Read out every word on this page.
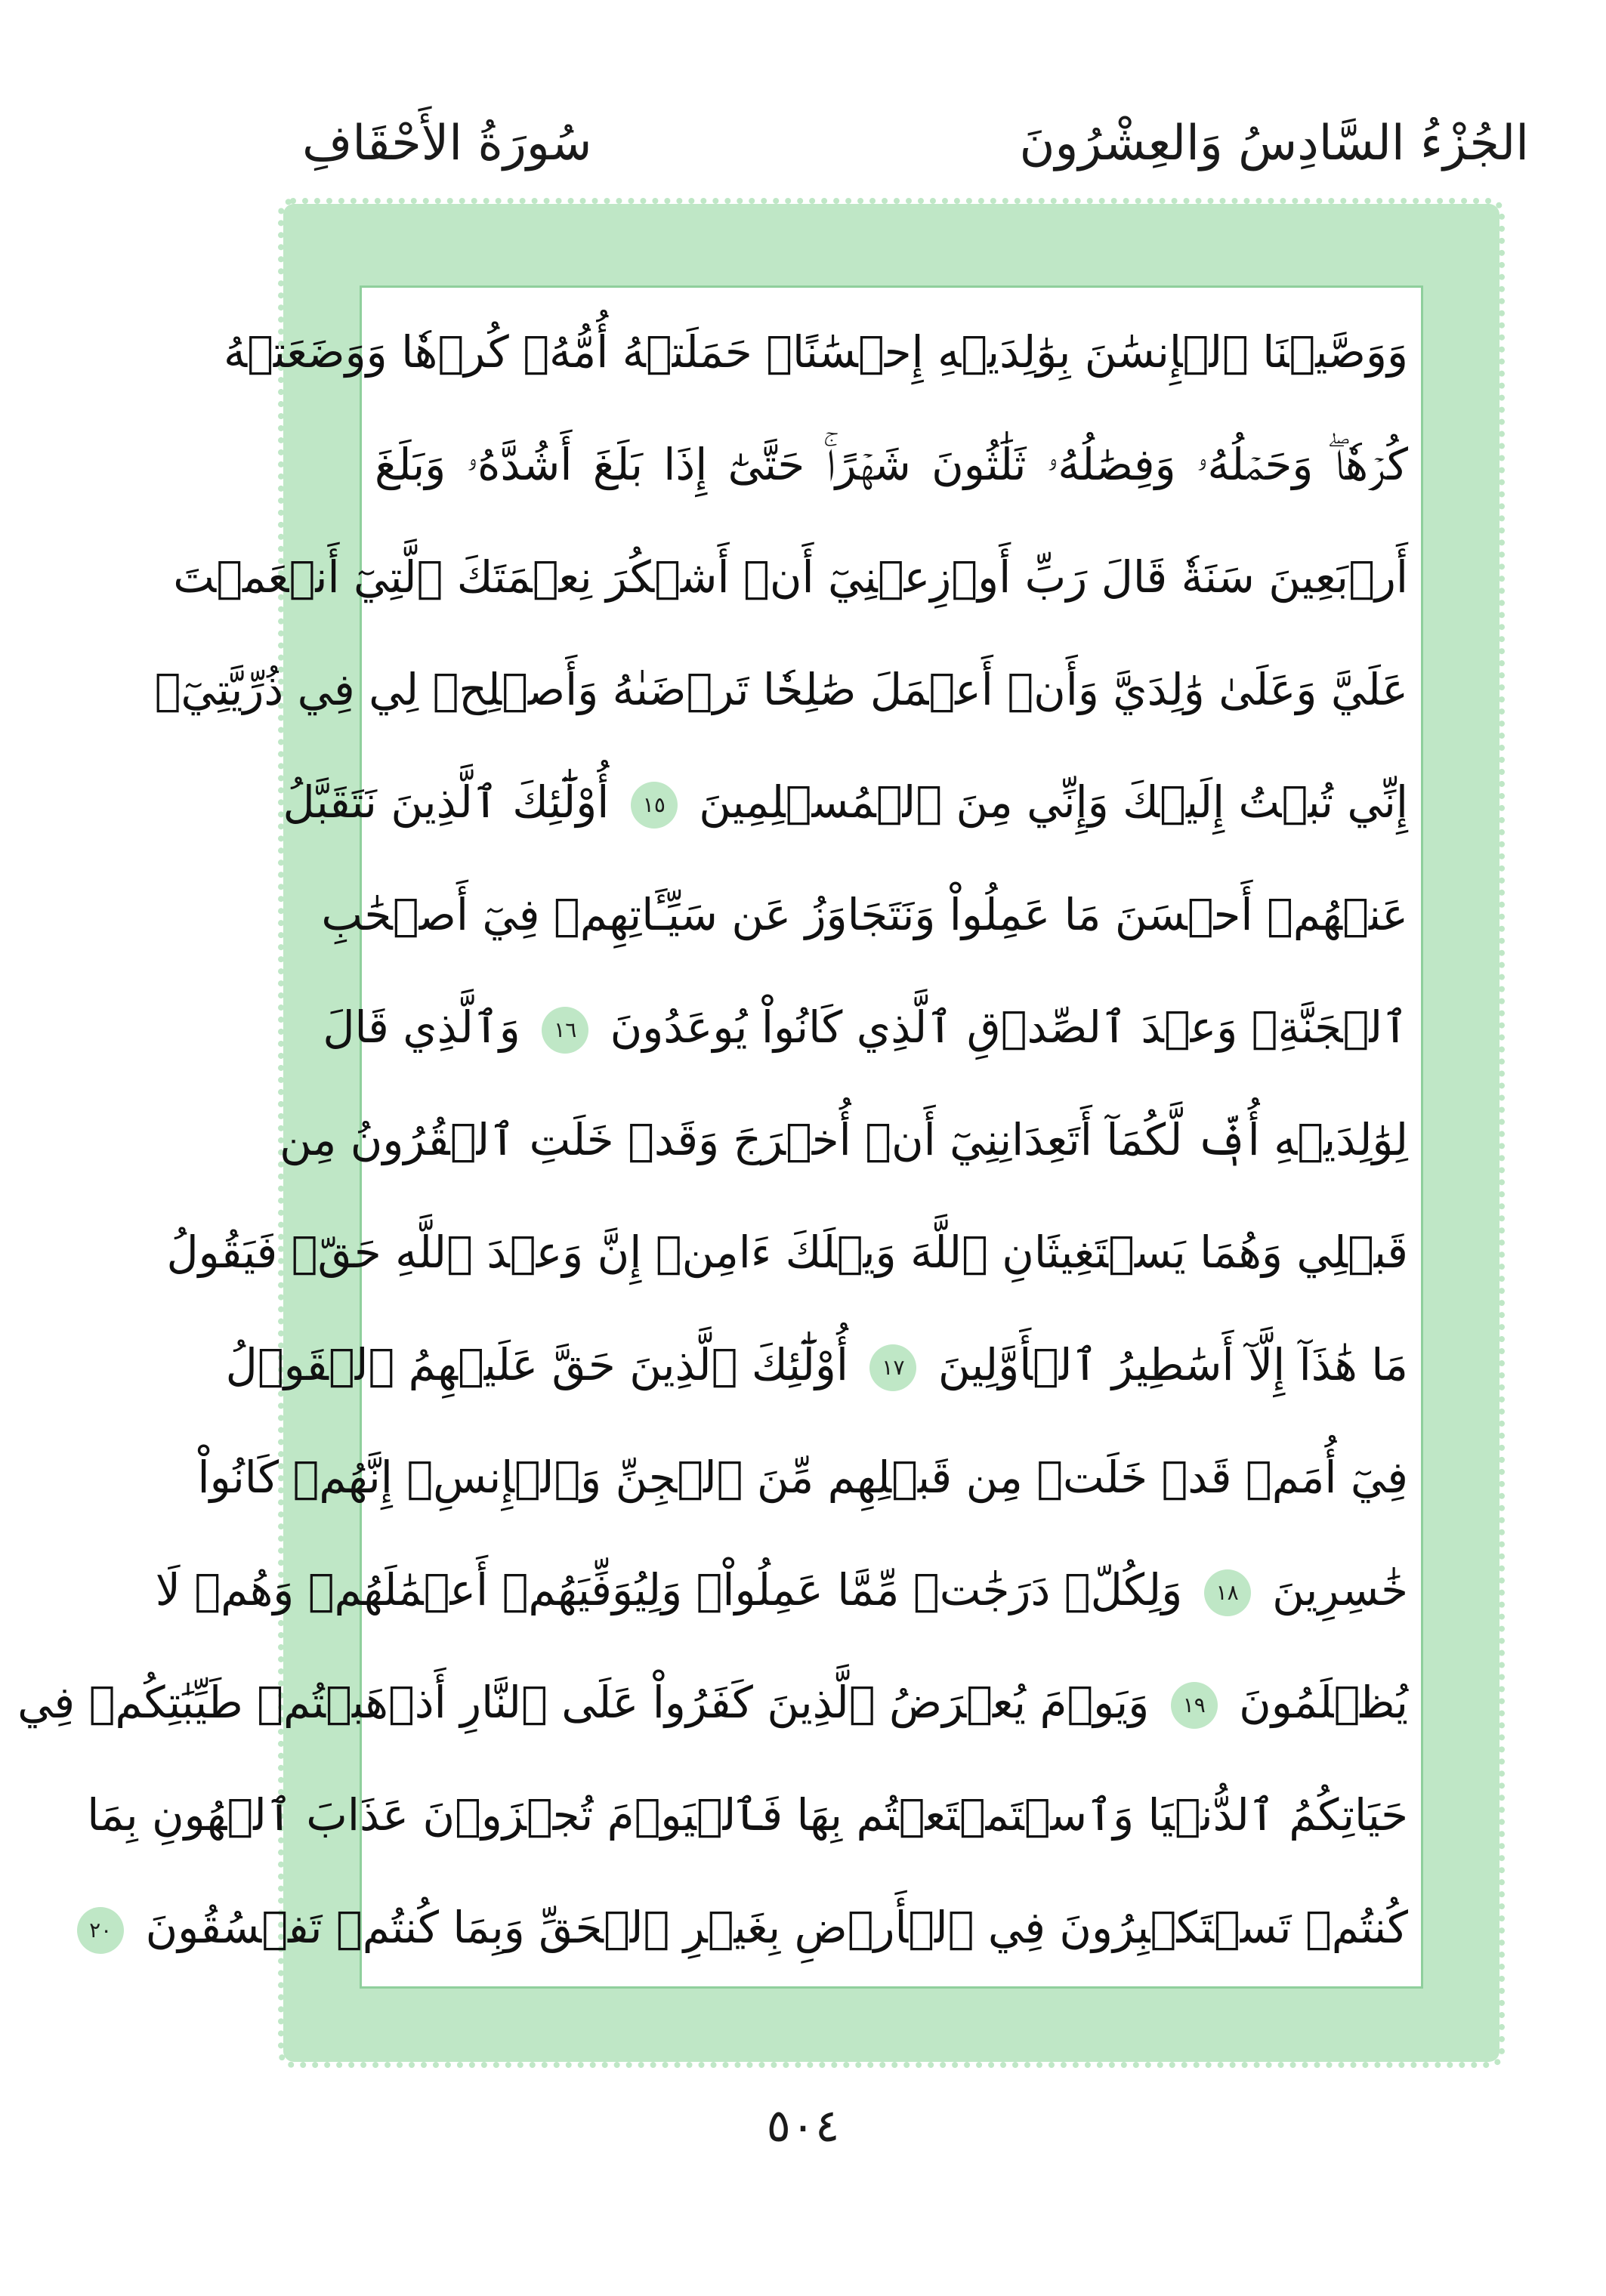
الجُزْءُ السَّادِسُ وَالعِشْرُونَ
سُورَةُ الأَحْقَافِ
وَوَصَّيۡنَا ٱلۡإِنسَٰنَ بِوَٰلِدَيۡهِ إِحۡسَٰنًاۖ حَمَلَتۡهُ أُمُّهُۥ كُرۡهٗا وَوَضَعَتۡهُ
كُرۡهٗاۖ وَحَمۡلُهُۥ وَفِصَٰلُهُۥ ثَلَٰثُونَ شَهۡرًاۚ حَتَّىٰٓ إِذَا بَلَغَ أَشُدَّهُۥ وَبَلَغَ
أَرۡبَعِينَ سَنَةٗ قَالَ رَبِّ أَوۡزِعۡنِيٓ أَنۡ أَشۡكُرَ نِعۡمَتَكَ ٱلَّتِيٓ أَنۡعَمۡتَ
عَلَيَّ وَعَلَىٰ وَٰلِدَيَّ وَأَنۡ أَعۡمَلَ صَٰلِحٗا تَرۡضَىٰهُ وَأَصۡلِحۡ لِي فِي ذُرِّيَّتِيٓۖ
إِنِّي تُبۡتُ إِلَيۡكَ وَإِنِّي مِنَ ٱلۡمُسۡلِمِينَ ١٥ أُوْلَٰٓئِكَ ٱلَّذِينَ نَتَقَبَّلُ
عَنۡهُمۡ أَحۡسَنَ مَا عَمِلُواْ وَنَتَجَاوَزُ عَن سَيِّـَٔاتِهِمۡ فِيٓ أَصۡحَٰبِ
ٱلۡجَنَّةِۖ وَعۡدَ ٱلصِّدۡقِ ٱلَّذِي كَانُواْ يُوعَدُونَ ١٦ وَٱلَّذِي قَالَ
لِوَٰلِدَيۡهِ أُفّٖ لَّكُمَآ أَتَعِدَانِنِيٓ أَنۡ أُخۡرَجَ وَقَدۡ خَلَتِ ٱلۡقُرُونُ مِن
قَبۡلِي وَهُمَا يَسۡتَغِيثَانِ ٱللَّهَ وَيۡلَكَ ءَامِنۡ إِنَّ وَعۡدَ ٱللَّهِ حَقّٞ فَيَقُولُ
مَا هَٰذَآ إِلَّآ أَسَٰطِيرُ ٱلۡأَوَّلِينَ ١٧ أُوْلَٰٓئِكَ ٱلَّذِينَ حَقَّ عَلَيۡهِمُ ٱلۡقَوۡلُ
فِيٓ أُمَمٖ قَدۡ خَلَتۡ مِن قَبۡلِهِم مِّنَ ٱلۡجِنِّ وَٱلۡإِنسِۖ إِنَّهُمۡ كَانُواْ
خَٰسِرِينَ ١٨ وَلِكُلّٖ دَرَجَٰتٞ مِّمَّا عَمِلُواْۖ وَلِيُوَفِّيَهُمۡ أَعۡمَٰلَهُمۡ وَهُمۡ لَا
يُظۡلَمُونَ ١٩ وَيَوۡمَ يُعۡرَضُ ٱلَّذِينَ كَفَرُواْ عَلَى ٱلنَّارِ أَذۡهَبۡتُمۡ طَيِّبَٰتِكُمۡ فِي
حَيَاتِكُمُ ٱلدُّنۡيَا وَٱسۡتَمۡتَعۡتُم بِهَا فَٱلۡيَوۡمَ تُجۡزَوۡنَ عَذَابَ ٱلۡهُونِ بِمَا
كُنتُمۡ تَسۡتَكۡبِرُونَ فِي ٱلۡأَرۡضِ بِغَيۡرِ ٱلۡحَقِّ وَبِمَا كُنتُمۡ تَفۡسُقُونَ ٢٠
٥٠٤
